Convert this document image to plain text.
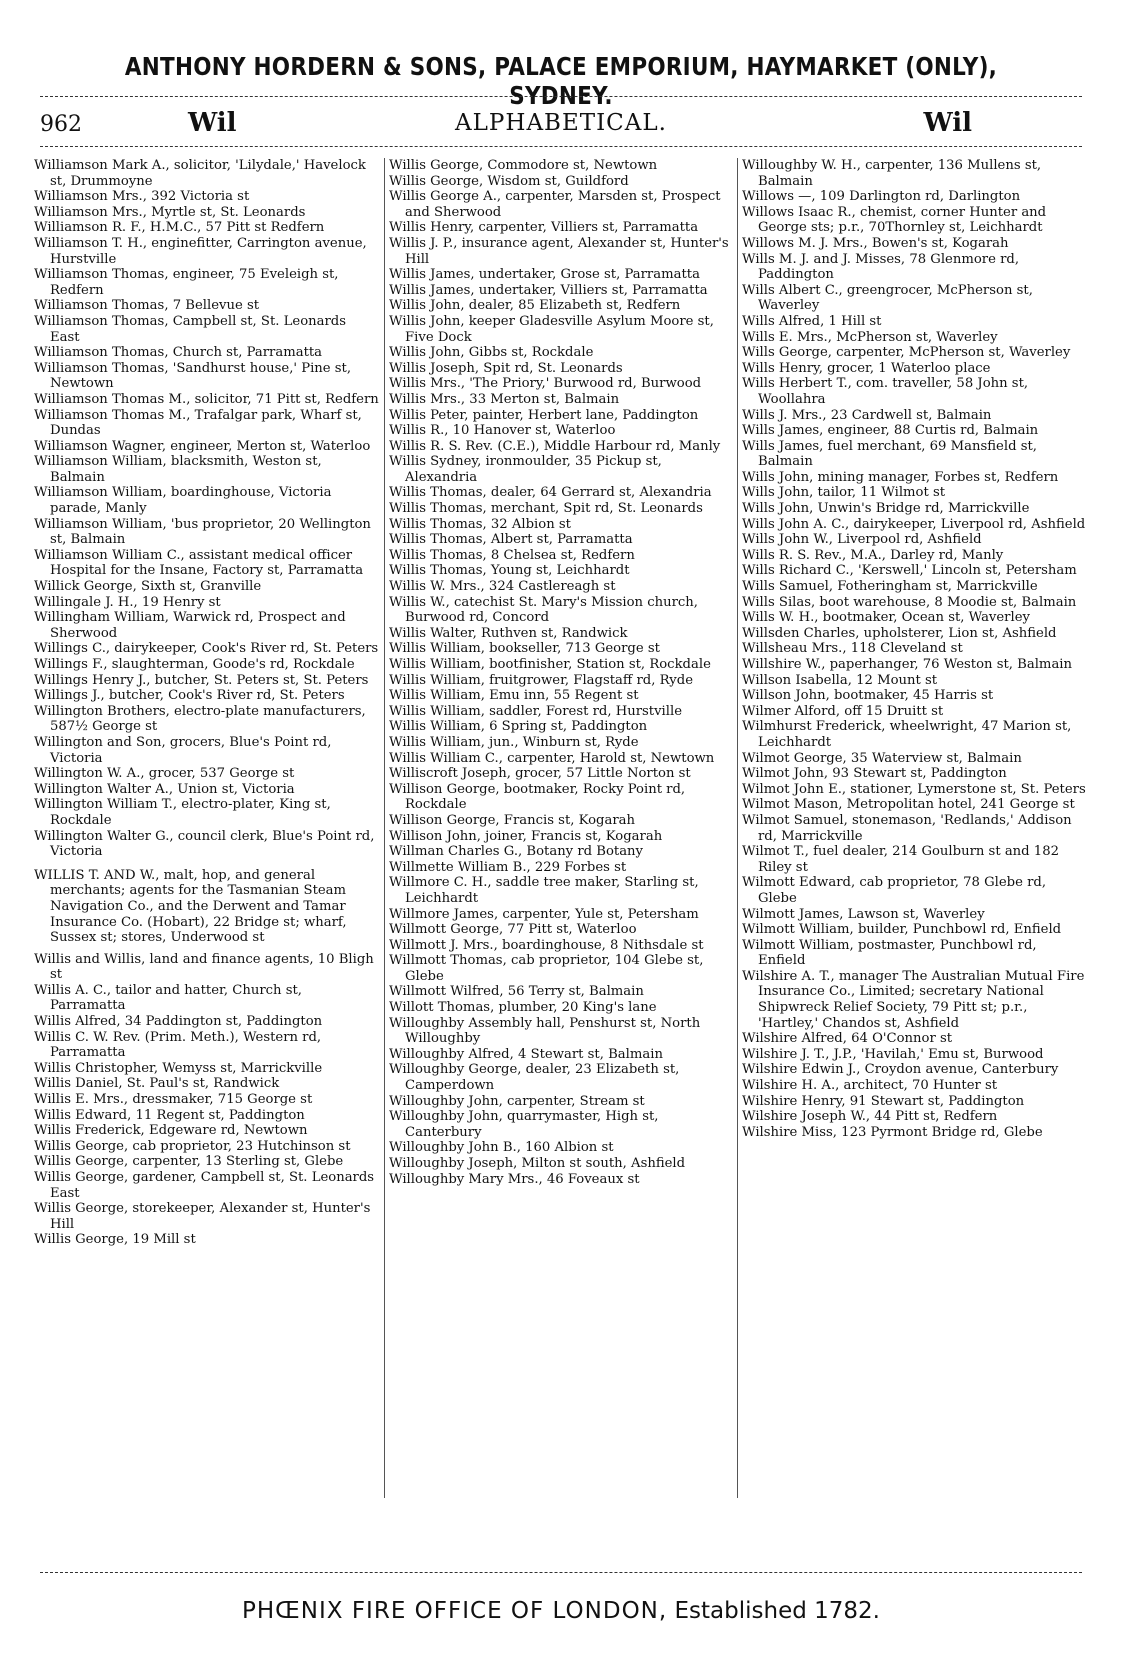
ANTHONY HORDERN & SONS, PALACE EMPORIUM, HAYMARKET (ONLY), SYDNEY.
962	Wil	ALPHABETICAL.	Wil

Williamson Mark A., solicitor, 'Lilydale,' Havelock st, Drummoyne

Williamson Mrs., 392 Victoria st

Williamson Mrs., Myrtle st, St. Leonards

Williamson R. F., H.M.C., 57 Pitt st Redfern

Williamson T. H., enginefitter, Carrington avenue, Hurstville

Williamson Thomas, engineer, 75 Eveleigh st, Redfern

Williamson Thomas, 7 Bellevue st

Williamson Thomas, Campbell st, St. Leonards East

Williamson Thomas, Church st, Parramatta

Williamson Thomas, 'Sandhurst house,' Pine st, Newtown

Williamson Thomas M., solicitor, 71 Pitt st, Redfern

Williamson Thomas M., Trafalgar park, Wharf st, Dundas

Williamson Wagner, engineer, Merton st, Waterloo

Williamson William, blacksmith, Weston st, Balmain

Williamson William, boardinghouse, Victoria parade, Manly

Williamson William, 'bus proprietor, 20 Wellington st, Balmain

Williamson William C., assistant medical officer Hospital for the Insane, Factory st, Parramatta

Willick George, Sixth st, Granville

Willingale J. H., 19 Henry st

Willingham William, Warwick rd, Prospect and Sherwood

Willings C., dairykeeper, Cook's River rd, St. Peters

Willings F., slaughterman, Goode's rd, Rockdale

Willings Henry J., butcher, St. Peters st, St. Peters

Willings J., butcher, Cook's River rd, St. Peters

Willington Brothers, electro-plate manufacturers, 587½ George st

Willington and Son, grocers, Blue's Point rd, Victoria

Willington W. A., grocer, 537 George st

Willington Walter A., Union st, Victoria

Willington William T., electro-plater, King st, Rockdale

Willington Walter G., council clerk, Blue's Point rd, Victoria

WILLIS T. AND W., malt, hop, and general merchants; agents for the Tasmanian Steam Navigation Co., and the Derwent and Tamar Insurance Co. (Hobart), 22 Bridge st; wharf, Sussex st; stores, Underwood st

Willis and Willis, land and finance agents, 10 Bligh st

Willis A. C., tailor and hatter, Church st, Parramatta

Willis Alfred, 34 Paddington st, Paddington

Willis C. W. Rev. (Prim. Meth.), Western rd, Parramatta

Willis Christopher, Wemyss st, Marrickville

Willis Daniel, St. Paul's st, Randwick

Willis E. Mrs., dressmaker, 715 George st

Willis Edward, 11 Regent st, Paddington

Willis Frederick, Edgeware rd, Newtown

Willis George, cab proprietor, 23 Hutchinson st

Willis George, carpenter, 13 Sterling st, Glebe

Willis George, gardener, Campbell st, St. Leonards East

Willis George, storekeeper, Alexander st, Hunter's Hill

Willis George, 19 Mill st

Willis George, Commodore st, Newtown

Willis George, Wisdom st, Guildford

Willis George A., carpenter, Marsden st, Prospect and Sherwood

Willis Henry, carpenter, Villiers st, Parramatta

Willis J. P., insurance agent, Alexander st, Hunter's Hill

Willis James, undertaker, Grose st, Parramatta

Willis James, undertaker, Villiers st, Parramatta

Willis John, dealer, 85 Elizabeth st, Redfern

Willis John, keeper Gladesville Asylum Moore st, Five Dock

Willis John, Gibbs st, Rockdale

Willis Joseph, Spit rd, St. Leonards

Willis Mrs., 'The Priory,' Burwood rd, Burwood

Willis Mrs., 33 Merton st, Balmain

Willis Peter, painter, Herbert lane, Paddington

Willis R., 10 Hanover st, Waterloo

Willis R. S. Rev. (C.E.), Middle Harbour rd, Manly

Willis Sydney, ironmoulder, 35 Pickup st, Alexandria

Willis Thomas, dealer, 64 Gerrard st, Alexandria

Willis Thomas, merchant, Spit rd, St. Leonards

Willis Thomas, 32 Albion st

Willis Thomas, Albert st, Parramatta

Willis Thomas, 8 Chelsea st, Redfern

Willis Thomas, Young st, Leichhardt

Willis W. Mrs., 324 Castlereagh st

Willis W., catechist St. Mary's Mission church, Burwood rd, Concord

Willis Walter, Ruthven st, Randwick

Willis William, bookseller, 713 George st

Willis William, bootfinisher, Station st, Rockdale

Willis William, fruitgrower, Flagstaff rd, Ryde

Willis William, Emu inn, 55 Regent st

Willis William, saddler, Forest rd, Hurstville

Willis William, 6 Spring st, Paddington

Willis William, jun., Winburn st, Ryde

Willis William C., carpenter, Harold st, Newtown

Williscroft Joseph, grocer, 57 Little Norton st

Willison George, bootmaker, Rocky Point rd, Rockdale

Willison George, Francis st, Kogarah

Willison John, joiner, Francis st, Kogarah

Willman Charles G., Botany rd Botany

Willmette William B., 229 Forbes st

Willmore C. H., saddle tree maker, Starling st, Leichhardt

Willmore James, carpenter, Yule st, Petersham

Willmott George, 77 Pitt st, Waterloo

Willmott J. Mrs., boardinghouse, 8 Nithsdale st

Willmott Thomas, cab proprietor, 104 Glebe st, Glebe

Willmott Wilfred, 56 Terry st, Balmain

Willott Thomas, plumber, 20 King's lane

Willoughby Assembly hall, Penshurst st, North Willoughby

Willoughby Alfred, 4 Stewart st, Balmain

Willoughby George, dealer, 23 Elizabeth st, Camperdown

Willoughby John, carpenter, Stream st

Willoughby John, quarrymaster, High st, Canterbury

Willoughby John B., 160 Albion st

Willoughby Joseph, Milton st south, Ashfield

Willoughby Mary Mrs., 46 Foveaux st

Willoughby W. H., carpenter, 136 Mullens st, Balmain

Willows —, 109 Darlington rd, Darlington

Willows Isaac R., chemist, corner Hunter and George sts; p.r., 70Thornley st, Leichhardt

Willows M. J. Mrs., Bowen's st, Kogarah

Wills M. J. and J. Misses, 78 Glenmore rd, Paddington

Wills Albert C., greengrocer, McPherson st, Waverley

Wills Alfred, 1 Hill st

Wills E. Mrs., McPherson st, Waverley

Wills George, carpenter, McPherson st, Waverley

Wills Henry, grocer, 1 Waterloo place

Wills Herbert T., com. traveller, 58 John st, Woollahra

Wills J. Mrs., 23 Cardwell st, Balmain

Wills James, engineer, 88 Curtis rd, Balmain

Wills James, fuel merchant, 69 Mansfield st, Balmain

Wills John, mining manager, Forbes st, Redfern

Wills John, tailor, 11 Wilmot st

Wills John, Unwin's Bridge rd, Marrickville

Wills John A. C., dairykeeper, Liverpool rd, Ashfield

Wills John W., Liverpool rd, Ashfield

Wills R. S. Rev., M.A., Darley rd, Manly

Wills Richard C., 'Kerswell,' Lincoln st, Petersham

Wills Samuel, Fotheringham st, Marrickville

Wills Silas, boot warehouse, 8 Moodie st, Balmain

Wills W. H., bootmaker, Ocean st, Waverley

Willsden Charles, upholsterer, Lion st, Ashfield

Willsheau Mrs., 118 Cleveland st

Willshire W., paperhanger, 76 Weston st, Balmain

Willson Isabella, 12 Mount st

Willson John, bootmaker, 45 Harris st

Wilmer Alford, off 15 Druitt st

Wilmhurst Frederick, wheelwright, 47 Marion st, Leichhardt

Wilmot George, 35 Waterview st, Balmain

Wilmot John, 93 Stewart st, Paddington

Wilmot John E., stationer, Lymerstone st, St. Peters

Wilmot Mason, Metropolitan hotel, 241 George st

Wilmot Samuel, stonemason, 'Redlands,' Addison rd, Marrickville

Wilmot T., fuel dealer, 214 Goulburn st and 182 Riley st

Wilmott Edward, cab proprietor, 78 Glebe rd, Glebe

Wilmott James, Lawson st, Waverley

Wilmott William, builder, Punchbowl rd, Enfield

Wilmott William, postmaster, Punchbowl rd, Enfield

Wilshire A. T., manager The Australian Mutual Fire Insurance Co., Limited; secretary National Shipwreck Relief Society, 79 Pitt st; p.r., 'Hartley,' Chandos st, Ashfield

Wilshire Alfred, 64 O'Connor st

Wilshire J. T., J.P., 'Havilah,' Emu st, Burwood

Wilshire Edwin J., Croydon avenue, Canterbury

Wilshire H. A., architect, 70 Hunter st

Wilshire Henry, 91 Stewart st, Paddington

Wilshire Joseph W., 44 Pitt st, Redfern

Wilshire Miss, 123 Pyrmont Bridge rd, Glebe

PHŒNIX FIRE OFFICE OF LONDON, Established 1782.
